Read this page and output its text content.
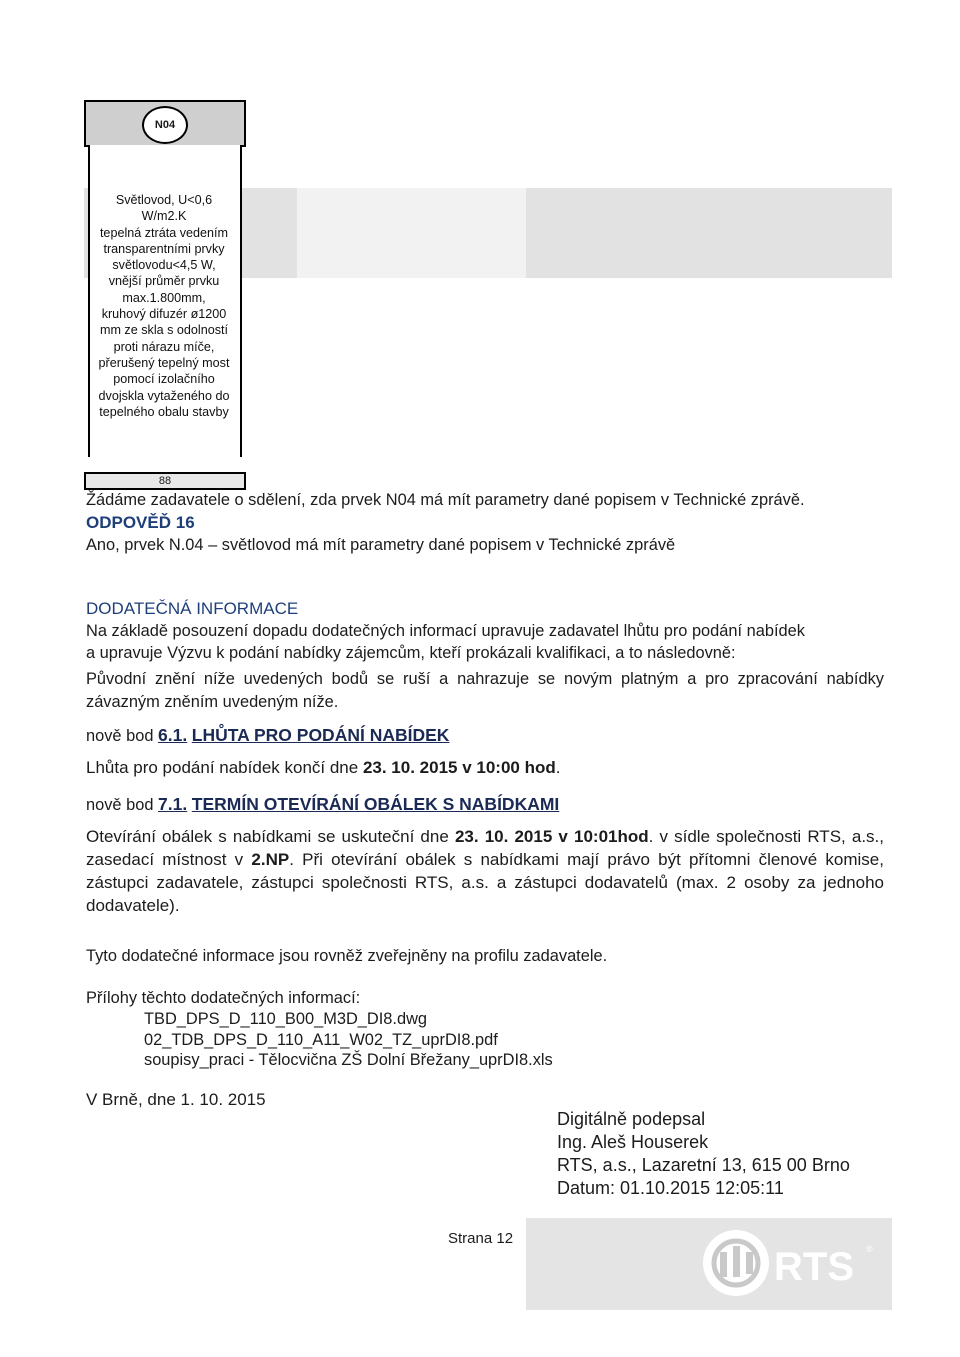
N04
Světlovod, U<0,6
W/m2.K
tepelná ztráta vedením
transparentními prvky
světlovodu<4,5 W,
vnější průměr prvku
max.1.800mm,
kruhový difuzér ø1200
mm ze skla s odolností
proti nárazu míče,
přerušený tepelný most
pomocí izolačního
dvojskla vytaženého do
tepelného obalu stavby
88
Žádáme zadavatele o sdělení, zda prvek N04 má mít parametry dané popisem v Technické zprávě.
ODPOVĚĎ 16
Ano, prvek N.04 – světlovod má mít parametry dané popisem v Technické zprávě
DODATEČNÁ INFORMACE
Na základě posouzení dopadu dodatečných informací upravuje zadavatel lhůtu pro podání nabídek
a upravuje Výzvu k podání nabídky zájemcům, kteří prokázali kvalifikaci, a to následovně:
Původní znění níže uvedených bodů se ruší a nahrazuje se novým platným a pro zpracování nabídky závazným zněním uvedeným níže.
nově bod 6.1. LHŮTA PRO PODÁNÍ NABÍDEK
Lhůta pro podání nabídek končí dne 23. 10. 2015 v 10:00 hod.
nově bod 7.1. TERMÍN OTEVÍRÁNÍ OBÁLEK S NABÍDKAMI
Otevírání obálek s nabídkami se uskuteční dne 23. 10. 2015 v 10:01hod. v sídle společnosti RTS, a.s., zasedací místnost v 2.NP. Při otevírání obálek s nabídkami mají právo být přítomni členové komise, zástupci zadavatele, zástupci společnosti RTS, a.s. a zástupci dodavatelů (max. 2 osoby za jednoho dodavatele).
Tyto dodatečné informace jsou rovněž zveřejněny na profilu zadavatele.
Přílohy těchto dodatečných informací:
TBD_DPS_D_110_B00_M3D_DI8.dwg
02_TDB_DPS_D_110_A11_W02_TZ_uprDI8.pdf
soupisy_praci - Tělocvična ZŠ Dolní Břežany_uprDI8.xls
V Brně, dne 1. 10. 2015
Digitálně podepsal
Ing. Aleš Houserek
RTS, a.s., Lazaretní 13, 615 00 Brno
Datum: 01.10.2015 12:05:11
Strana 12
RTS ®
